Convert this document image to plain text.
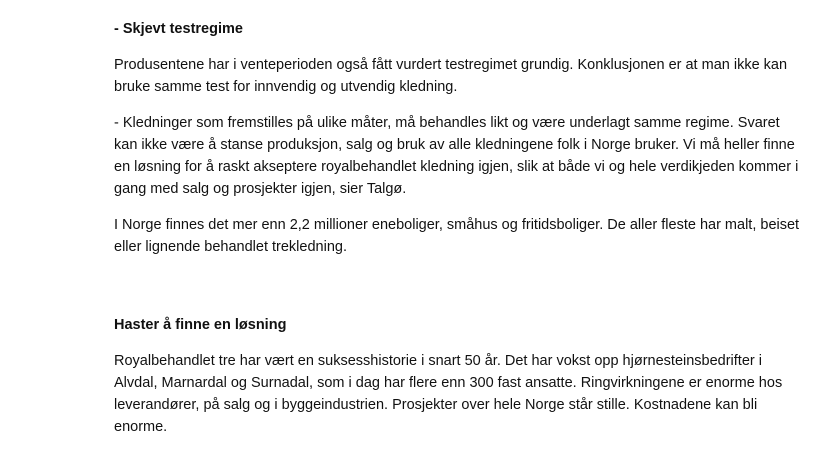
- Skjevt testregime

Produsentene har i venteperioden også fått vurdert testregimet grundig. Konklusjonen er at man ikke kan bruke samme test for innvendig og utvendig kledning.

- Kledninger som fremstilles på ulike måter, må behandles likt og være underlagt samme regime. Svaret kan ikke være å stanse produksjon, salg og bruk av alle kledningene folk i Norge bruker. Vi må heller finne en løsning for å raskt akseptere royalbehandlet kledning igjen, slik at både vi og hele verdikjeden kommer i gang med salg og prosjekter igjen, sier Talgø.

I Norge finnes det mer enn 2,2 millioner eneboliger, småhus og fritidsboliger. De aller fleste har malt, beiset eller lignende behandlet trekledning.

Haster å finne en løsning

Royalbehandlet tre har vært en suksesshistorie i snart 50 år. Det har vokst opp hjørnesteinsbedrifter i Alvdal, Marnardal og Surnadal, som i dag har flere enn 300 fast ansatte. Ringvirkningene er enorme hos leverandører, på salg og i byggeindustrien. Prosjekter over hele Norge står stille. Kostnadene kan bli enorme.
